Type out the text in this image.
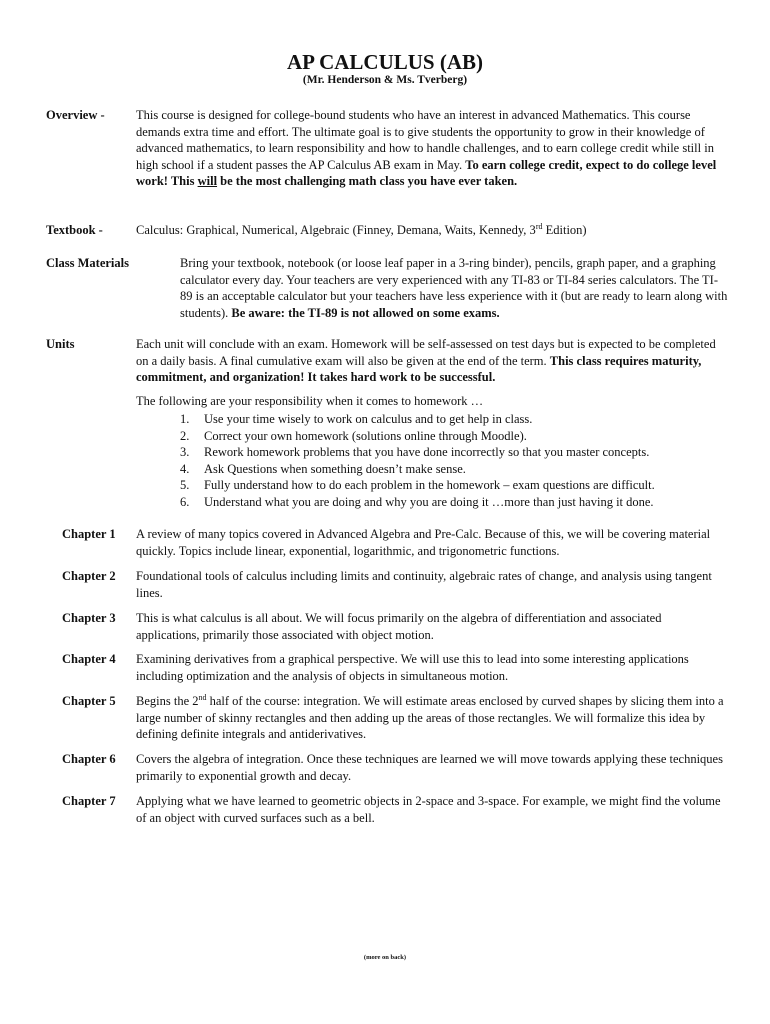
AP CALCULUS (AB)
(Mr. Henderson & Ms. Tverberg)
Overview -	This course is designed for college-bound students who have an interest in advanced Mathematics. This course demands extra time and effort. The ultimate goal is to give students the opportunity to grow in their knowledge of advanced mathematics, to learn responsibility and how to handle challenges, and to earn college credit while still in high school if a student passes the AP Calculus AB exam in May. To earn college credit, expect to do college level work! This will be the most challenging math class you have ever taken.
Textbook -	Calculus: Graphical, Numerical, Algebraic (Finney, Demana, Waits, Kennedy, 3rd Edition)
Class Materials	Bring your textbook, notebook (or loose leaf paper in a 3-ring binder), pencils, graph paper, and a graphing calculator every day. Your teachers are very experienced with any TI-83 or TI-84 series calculators. The TI-89 is an acceptable calculator but your teachers have less experience with it (but are ready to learn along with students). Be aware: the TI-89 is not allowed on some exams.
Units	Each unit will conclude with an exam. Homework will be self-assessed on test days but is expected to be completed on a daily basis. A final cumulative exam will also be given at the end of the term. This class requires maturity, commitment, and organization! It takes hard work to be successful.
The following are your responsibility when it comes to homework …
1. Use your time wisely to work on calculus and to get help in class.
2. Correct your own homework (solutions online through Moodle).
3. Rework homework problems that you have done incorrectly so that you master concepts.
4. Ask Questions when something doesn’t make sense.
5. Fully understand how to do each problem in the homework – exam questions are difficult.
6. Understand what you are doing and why you are doing it …more than just having it done.
Chapter 1 A review of many topics covered in Advanced Algebra and Pre-Calc. Because of this, we will be covering material quickly. Topics include linear, exponential, logarithmic, and trigonometric functions.
Chapter 2 Foundational tools of calculus including limits and continuity, algebraic rates of change, and analysis using tangent lines.
Chapter 3 This is what calculus is all about. We will focus primarily on the algebra of differentiation and associated applications, primarily those associated with object motion.
Chapter 4 Examining derivatives from a graphical perspective. We will use this to lead into some interesting applications including optimization and the analysis of objects in simultaneous motion.
Chapter 5 Begins the 2nd half of the course: integration. We will estimate areas enclosed by curved shapes by slicing them into a large number of skinny rectangles and then adding up the areas of those rectangles. We will formalize this idea by defining definite integrals and antiderivatives.
Chapter 6 Covers the algebra of integration. Once these techniques are learned we will move towards applying these techniques primarily to exponential growth and decay.
Chapter 7 Applying what we have learned to geometric objects in 2-space and 3-space. For example, we might find the volume of an object with curved surfaces such as a bell.
(more on back)
